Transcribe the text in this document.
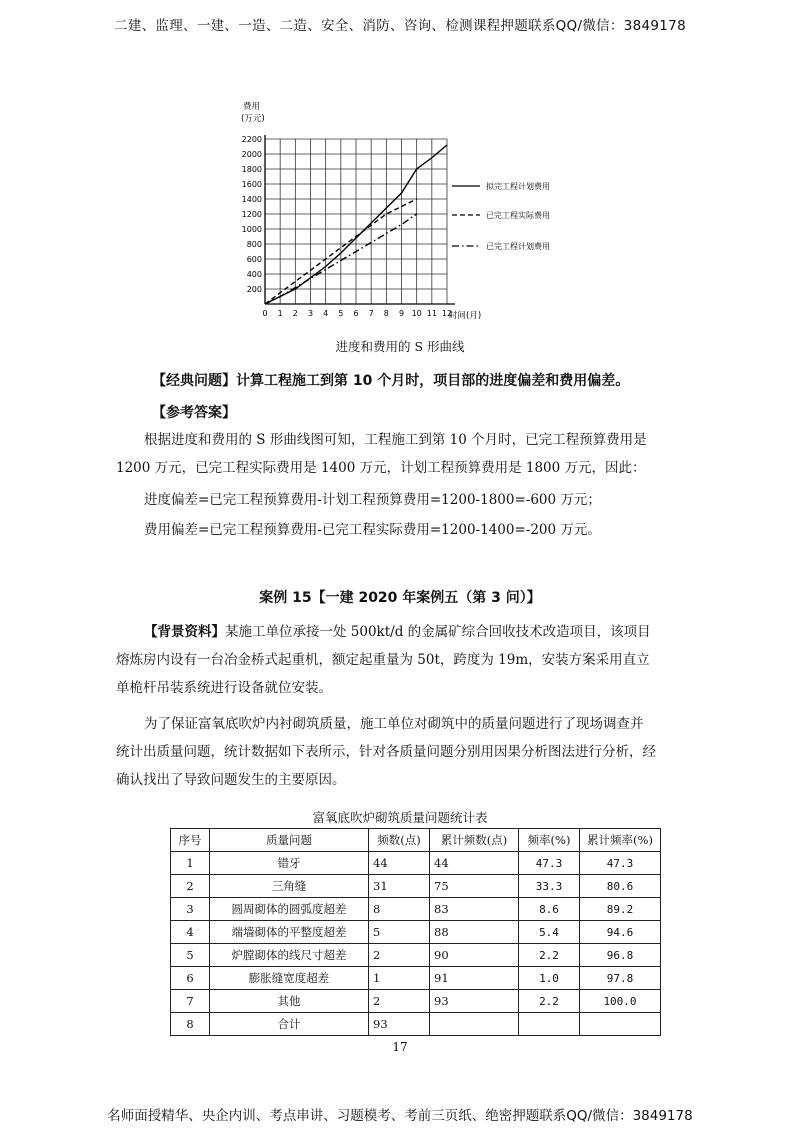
二建、监理、一建、一造、二造、安全、消防、咨询、检测课程押题联系QQ/微信：3849178
0 1 2 3 4 5 6 7 8 9 10 11 12
200
400
600
800
1000
1200
1400
1600
1800
2000
2200
费用
(万元)
时间(月)
拟完工程计划费用
已完工程实际费用
已完工程计划费用
进度和费用的 S 形曲线
【经典问题】计算工程施工到第 10 个月时，项目部的进度偏差和费用偏差。
【参考答案】
根据进度和费用的 S 形曲线图可知，工程施工到第 10 个月时，已完工程预算费用是 1200 万元，已完工程实际费用是 1400 万元，计划工程预算费用是 1800 万元，因此：
进度偏差=已完工程预算费用-计划工程预算费用=1200-1800=-600 万元；
费用偏差=已完工程预算费用-已完工程实际费用=1200-1400=-200 万元。
案例 15【一建 2020 年案例五（第 3 问）】
【背景资料】某施工单位承接一处 500kt/d 的金属矿综合回收技术改造项目，该项目熔炼房内设有一台冶金桥式起重机，额定起重量为 50t，跨度为 19m，安装方案采用直立单桅杆吊装系统进行设备就位安装。
为了保证富氧底吹炉内衬砌筑质量，施工单位对砌筑中的质量问题进行了现场调查并统计出质量问题，统计数据如下表所示，针对各质量问题分别用因果分析图法进行分析，经确认找出了导致问题发生的主要原因。
富氧底吹炉砌筑质量问题统计表
序号	质量问题	频数(点)	累计频数(点)	频率(%)	累计频率(%)
1	错牙	44	44	47.3	47.3
2	三角缝	31	75	33.3	80.6
3	圆周砌体的圆弧度超差	8	83	8.6	89.2
4	端墙砌体的平整度超差	5	88	5.4	94.6
5	炉膛砌体的线尺寸超差	2	90	2.2	96.8
6	膨胀缝宽度超差	1	91	1.0	97.8
7	其他	2	93	2.2	100.0
8	合计	93			
17
名师面授精华、央企内训、考点串讲、习题模考、考前三页纸、绝密押题联系QQ/微信：3849178
